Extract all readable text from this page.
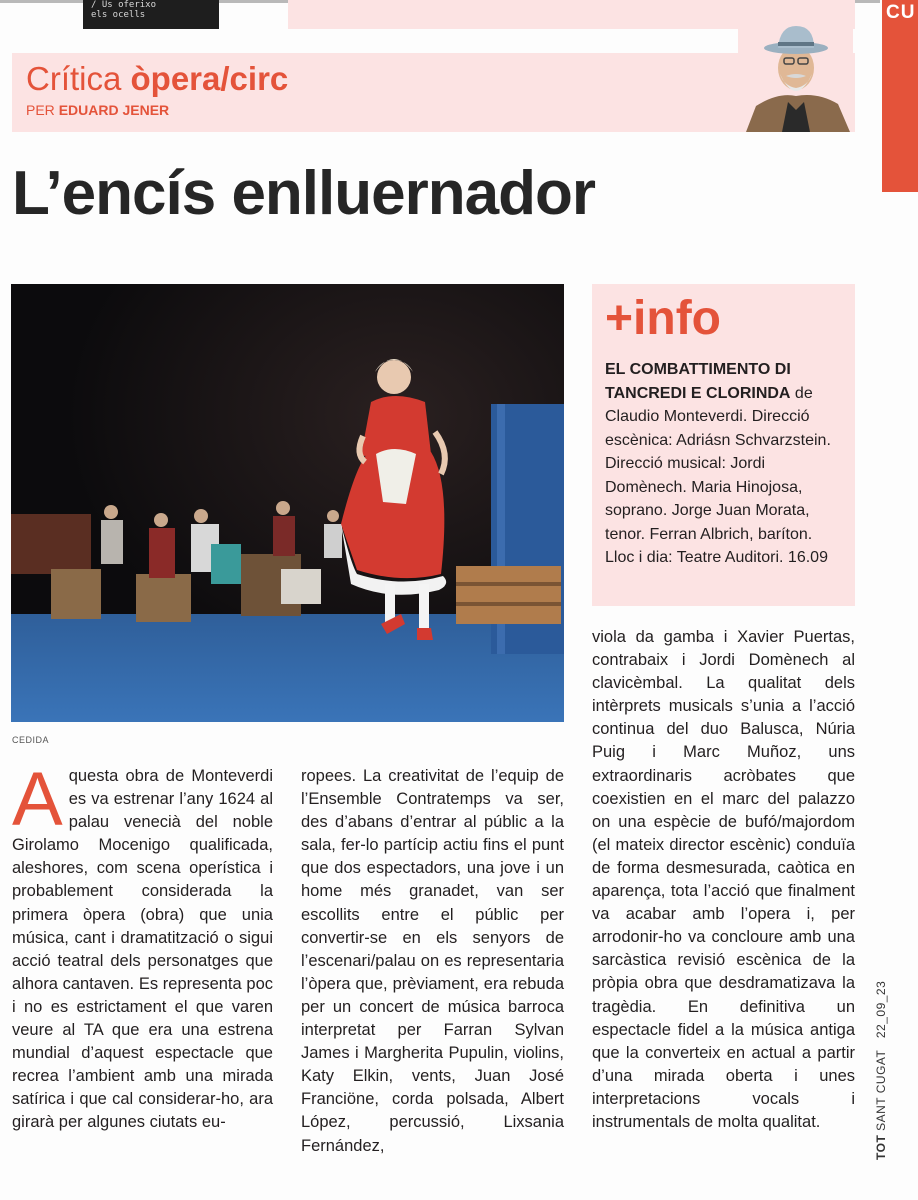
/ Us oferixo
els ocells	CU
Crítica òpera/circ
PER EDUARD JENER
L’encís enlluernador
CEDIDA
+info
EL COMBATTIMENTO DI TANCREDI E CLORINDA de Claudio Monteverdi. Direcció escènica: Adriásn Schvarzstein. Direcció musical: Jordi Domènech. Maria Hinojosa, soprano. Jorge Juan Morata, tenor. Ferran Albrich, baríton. Lloc i dia: Teatre Auditori. 16.09

Aquesta obra de Monteverdi es va estrenar l’any 1624 al palau venecià del noble Girolamo Mocenigo qualificada, aleshores, com scena operística i probablement considerada la primera òpera (obra) que unia música, cant i dramatització o sigui acció teatral dels personatges que alhora cantaven. Es representa poc i no es estrictament el que varen veure al TA que era una estrena mundial d’aquest espectacle que recrea l’ambient amb una mirada satírica i que cal considerar-ho, ara girarà per algunes ciutats eu-

ropees. La creativitat de l’equip de l’Ensemble Contratemps va ser, des d’abans d’entrar al públic a la sala, fer-lo partícip actiu fins el punt que dos espectadors, una jove i un home més granadet, van ser escollits entre el públic per convertir-se en els senyors de l’escenari/palau on es representaria l’òpera que, prèviament, era rebuda per un concert de música barroca interpretat per Farran Sylvan James i Margherita Pupulin, violins, Katy Elkin, vents, Juan José Franciöne, corda polsada, Albert López, percussió, Lixsania Fernández,

viola da gamba i Xavier Puertas, contrabaix i Jordi Domènech al clavicèmbal. La qualitat dels intèrprets musicals s’unia a l’acció continua del duo Balusca, Núria Puig i Marc Muñoz, uns extraordinaris acròbates que coexistien en el marc del palazzo on una espècie de bufó/majordom (el mateix director escènic) conduïa de forma desmesurada, caòtica en aparença, tota l’acció que finalment va acabar amb l’opera i, per arrodonir-ho va concloure amb una sarcàstica revisió escènica de la pròpia obra que desdramatizava la tragèdia. En definitiva un espectacle fidel a la música antiga que la converteix en actual a partir d’una mirada oberta i unes interpretacions vocals i instrumentals de molta qualitat.

TOT SANT CUGAT   22_09_23
